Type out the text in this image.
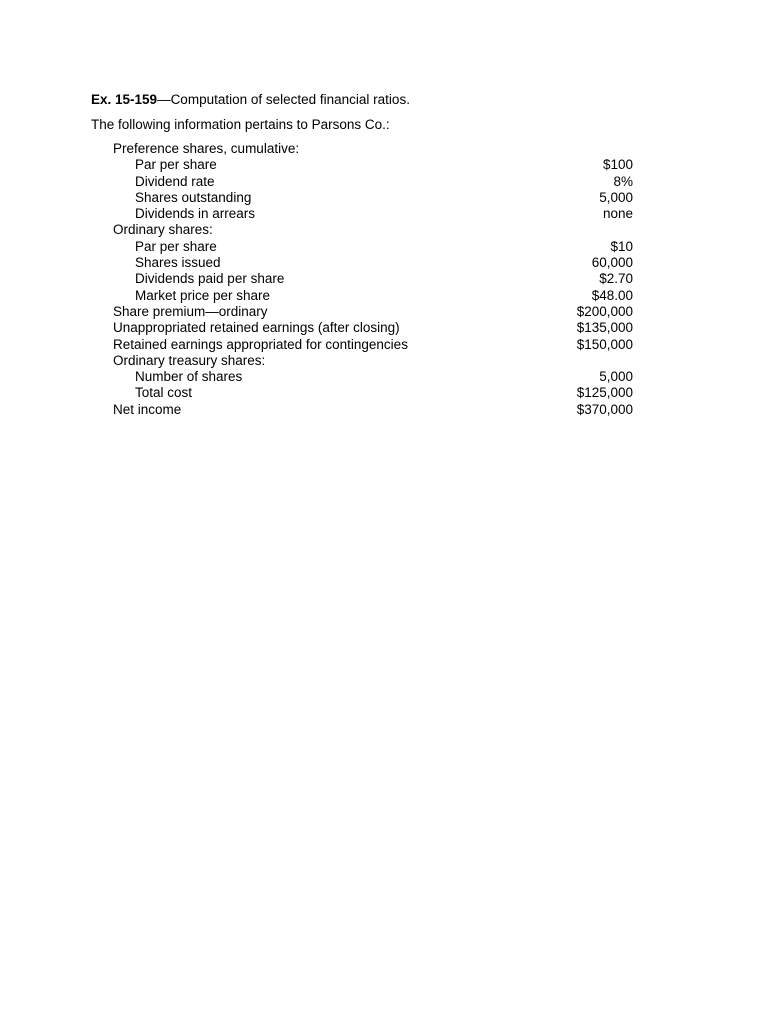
Ex. 15-159—Computation of selected financial ratios.
The following information pertains to Parsons Co.:
Preference shares, cumulative:
Par per share	$100
Dividend rate	8%
Shares outstanding	5,000
Dividends in arrears	none
Ordinary shares:
Par per share	$10
Shares issued	60,000
Dividends paid per share	$2.70
Market price per share	$48.00
Share premium—ordinary	$200,000
Unappropriated retained earnings (after closing)	$135,000
Retained earnings appropriated for contingencies	$150,000
Ordinary treasury shares:
Number of shares	5,000
Total cost	$125,000
Net income	$370,000
